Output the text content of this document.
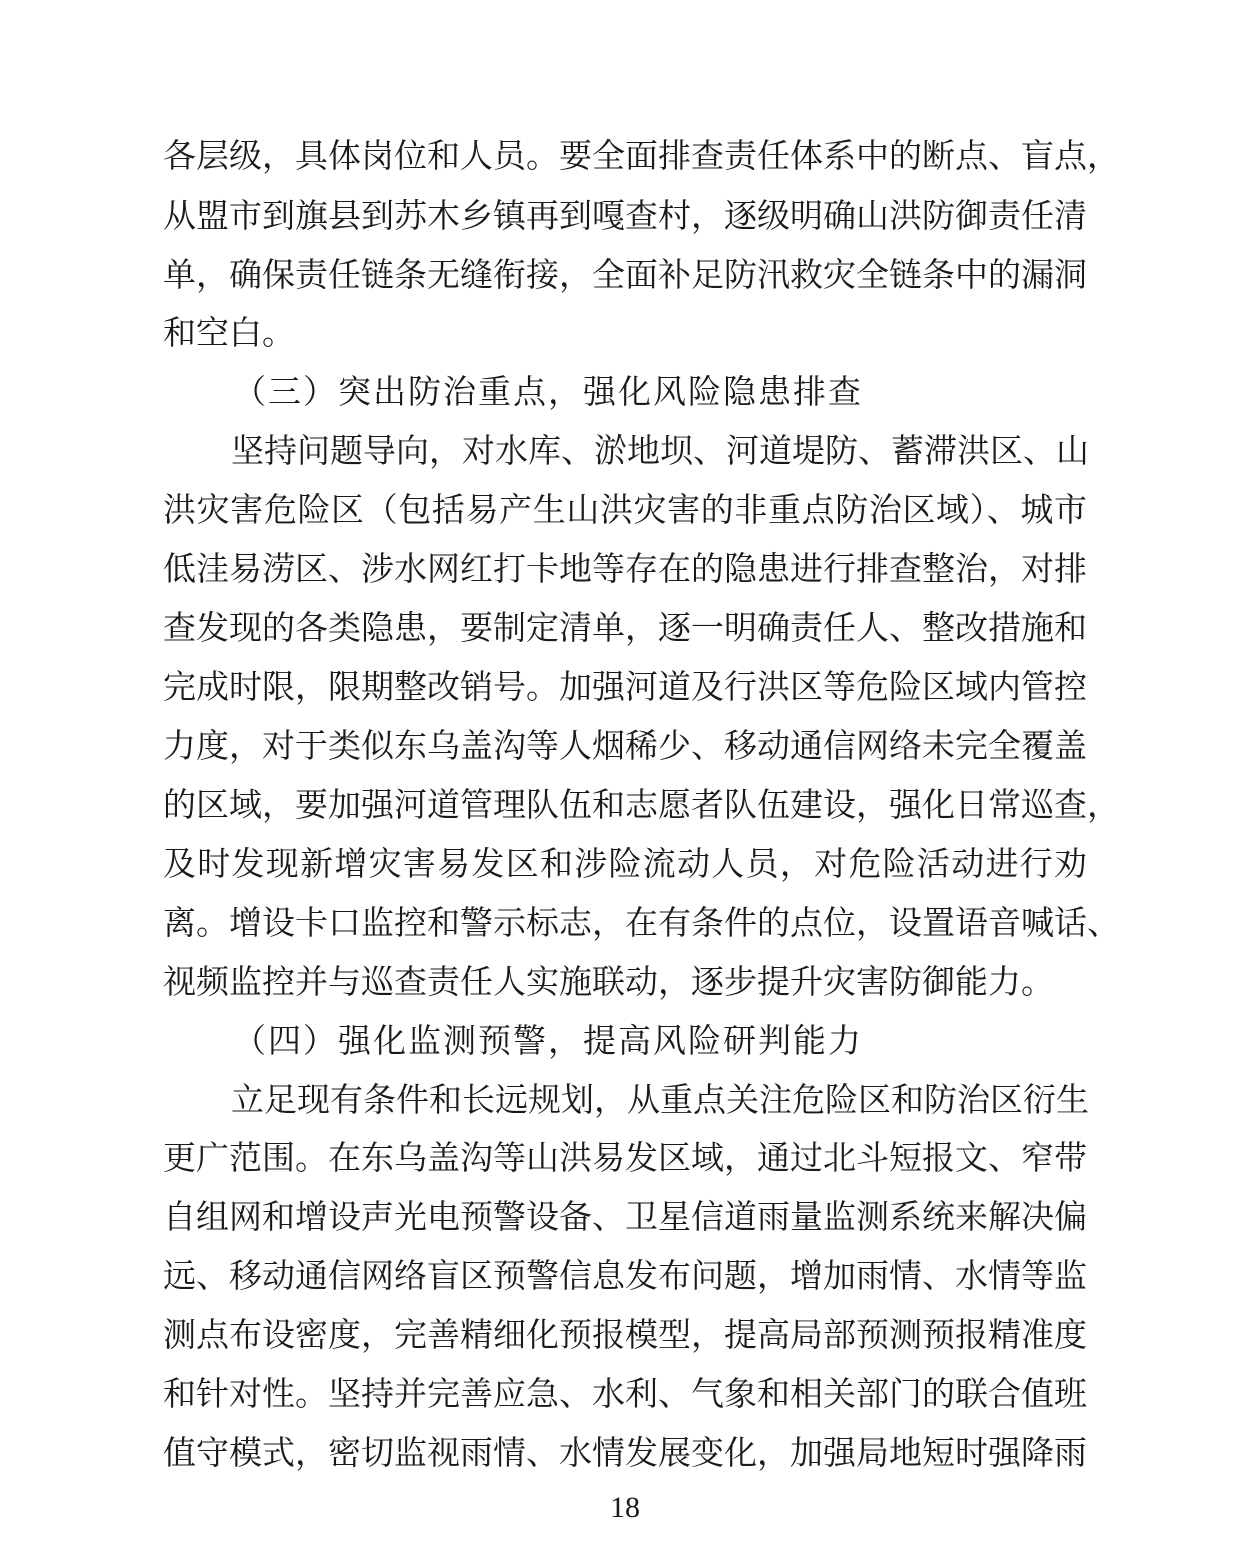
各层级，具体岗位和人员。要全面排查责任体系中的断点、盲点，
从盟市到旗县到苏木乡镇再到嘎查村，逐级明确山洪防御责任清
单，确保责任链条无缝衔接，全面补足防汛救灾全链条中的漏洞
和空白。
（三）突出防治重点，强化风险隐患排查
坚持问题导向，对水库、淤地坝、河道堤防、蓄滞洪区、山
洪灾害危险区（包括易产生山洪灾害的非重点防治区域）、城市
低洼易涝区、涉水网红打卡地等存在的隐患进行排查整治，对排
查发现的各类隐患，要制定清单，逐一明确责任人、整改措施和
完成时限，限期整改销号。加强河道及行洪区等危险区域内管控
力度，对于类似东乌盖沟等人烟稀少、移动通信网络未完全覆盖
的区域，要加强河道管理队伍和志愿者队伍建设，强化日常巡查，
及时发现新增灾害易发区和涉险流动人员，对危险活动进行劝
离。增设卡口监控和警示标志，在有条件的点位，设置语音喊话、
视频监控并与巡查责任人实施联动，逐步提升灾害防御能力。
（四）强化监测预警，提高风险研判能力
立足现有条件和长远规划，从重点关注危险区和防治区衍生
更广范围。在东乌盖沟等山洪易发区域，通过北斗短报文、窄带
自组网和增设声光电预警设备、卫星信道雨量监测系统来解决偏
远、移动通信网络盲区预警信息发布问题，增加雨情、水情等监
测点布设密度，完善精细化预报模型，提高局部预测预报精准度
和针对性。坚持并完善应急、水利、气象和相关部门的联合值班
值守模式，密切监视雨情、水情发展变化，加强局地短时强降雨
18
